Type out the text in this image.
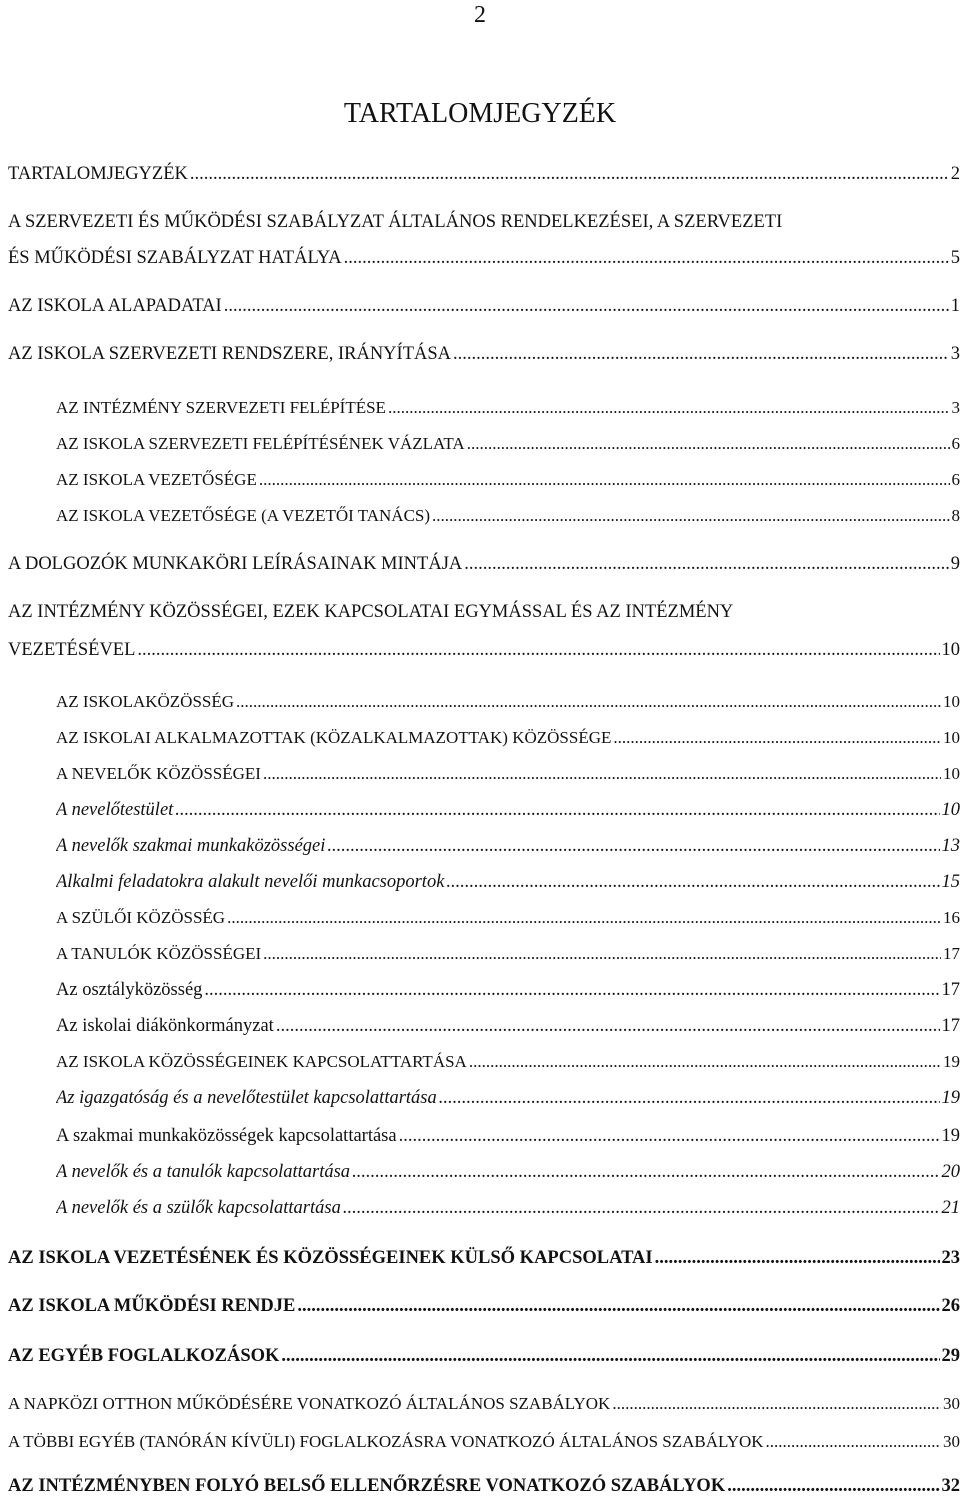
2
TARTALOMJEGYZÉK
TARTALOMJEGYZÉK .....	2
A SZERVEZETI ÉS MŰKÖDÉSI SZABÁLYZAT ÁLTALÁNOS RENDELKEZÉSEI, A SZERVEZETI
ÉS MŰKÖDÉSI SZABÁLYZAT HATÁLYA .....	5
AZ ISKOLA ALAPADATAI .....	1
AZ ISKOLA SZERVEZETI RENDSZERE, IRÁNYÍTÁSA .....	3
AZ INTÉZMÉNY SZERVEZETI FELÉPÍTÉSE .....	3
AZ ISKOLA SZERVEZETI FELÉPÍTÉSÉNEK VÁZLATA .....	6
AZ ISKOLA VEZETŐSÉGE .....	6
AZ ISKOLA VEZETŐSÉGE (A VEZETŐI TANÁCS) .....	8
A DOLGOZÓK MUNKAKÖRI LEÍRÁSAINAK MINTÁJA .....	9
AZ INTÉZMÉNY KÖZÖSSÉGEI, EZEK KAPCSOLATAI EGYMÁSSAL ÉS AZ INTÉZMÉNY
VEZETÉSÉVEL .....	10
AZ ISKOLAKÖZÖSSÉG .....	10
AZ ISKOLAI ALKALMAZOTTAK (KÖZALKALMAZOTTAK) KÖZÖSSÉGE .....	10
A NEVELŐK KÖZÖSSÉGEI .....	10
A nevelőtestület .....	10
A nevelők szakmai munkaközösségei .....	13
Alkalmi feladatokra alakult nevelői munkacsoportok .....	15
A SZÜLŐI KÖZÖSSÉG .....	16
A TANULÓK KÖZÖSSÉGEI .....	17
Az osztályközösség .....	17
Az iskolai diákönkormányzat .....	17
AZ ISKOLA KÖZÖSSÉGEINEK KAPCSOLATTARTÁSA .....	19
Az igazgatóság és a nevelőtestület kapcsolattartása .....	19
A szakmai munkaközösségek kapcsolattartása .....	19
A nevelők és a tanulók kapcsolattartása .....	20
A nevelők és a szülők kapcsolattartása .....	21
AZ ISKOLA VEZETÉSÉNEK ÉS KÖZÖSSÉGEINEK KÜLSŐ KAPCSOLATAI .....	23
AZ ISKOLA MŰKÖDÉSI RENDJE .....	26
AZ EGYÉB FOGLALKOZÁSOK .....	29
A NAPKÖZI OTTHON MŰKÖDÉSÉRE VONATKOZÓ ÁLTALÁNOS SZABÁLYOK .....	30
A TÖBBI EGYÉB (TANÓRÁN KÍVÜLI) FOGLALKOZÁSRA VONATKOZÓ ÁLTALÁNOS SZABÁLYOK .....	30
AZ INTÉZMÉNYBEN FOLYÓ BELSŐ ELLENŐRZÉSRE VONATKOZÓ SZABÁLYOK .....	32
